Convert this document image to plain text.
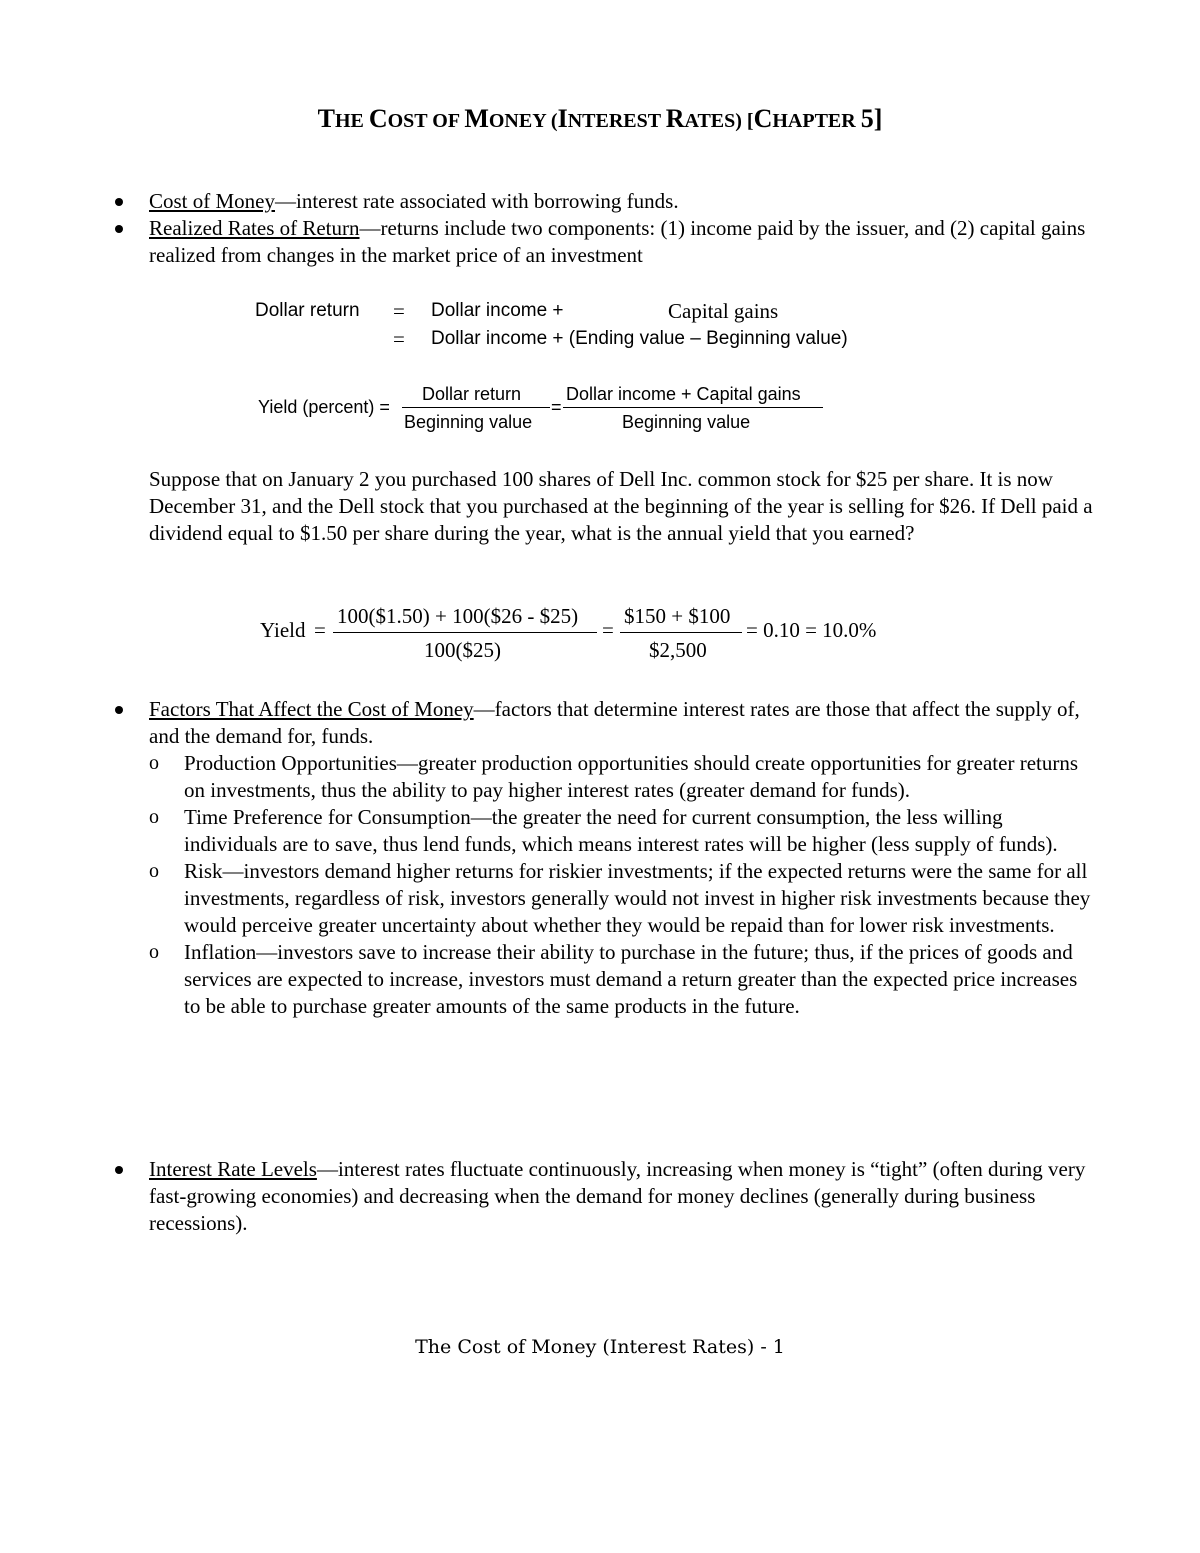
THE COST OF MONEY (INTEREST RATES) [CHAPTER 5]
Cost of Money—interest rate associated with borrowing funds.
Realized Rates of Return—returns include two components: (1) income paid by the issuer, and (2) capital gains realized from changes in the market price of an investment
Dollar return = Dollar income +	Capital gains
= Dollar income + (Ending value – Beginning value)
Yield (percent) =
Dollar return
Beginning value
=
Dollar income + Capital gains
Beginning value
Suppose that on January 2 you purchased 100 shares of Dell Inc. common stock for $25 per share. It is now December 31, and the Dell stock that you purchased at the beginning of the year is selling for $26. If Dell paid a dividend equal to $1.50 per share during the year, what is the annual yield that you earned?
Yield =
100($1.50) + 100($26 - $25)
100($25)
=
$150 + $100
$2,500
= 0.10 = 10.0%
Factors That Affect the Cost of Money—factors that determine interest rates are those that affect the supply of, and the demand for, funds.
o Production Opportunities—greater production opportunities should create opportunities for greater returns on investments, thus the ability to pay higher interest rates (greater demand for funds).
o Time Preference for Consumption—the greater the need for current consumption, the less willing individuals are to save, thus lend funds, which means interest rates will be higher (less supply of funds).
o Risk—investors demand higher returns for riskier investments; if the expected returns were the same for all investments, regardless of risk, investors generally would not invest in higher risk investments because they would perceive greater uncertainty about whether they would be repaid than for lower risk investments.
o Inflation—investors save to increase their ability to purchase in the future; thus, if the prices of goods and services are expected to increase, investors must demand a return greater than the expected price increases to be able to purchase greater amounts of the same products in the future.
Interest Rate Levels—interest rates fluctuate continuously, increasing when money is “tight” (often during very fast-growing economies) and decreasing when the demand for money declines (generally during business recessions).
The Cost of Money (Interest Rates) - 1
